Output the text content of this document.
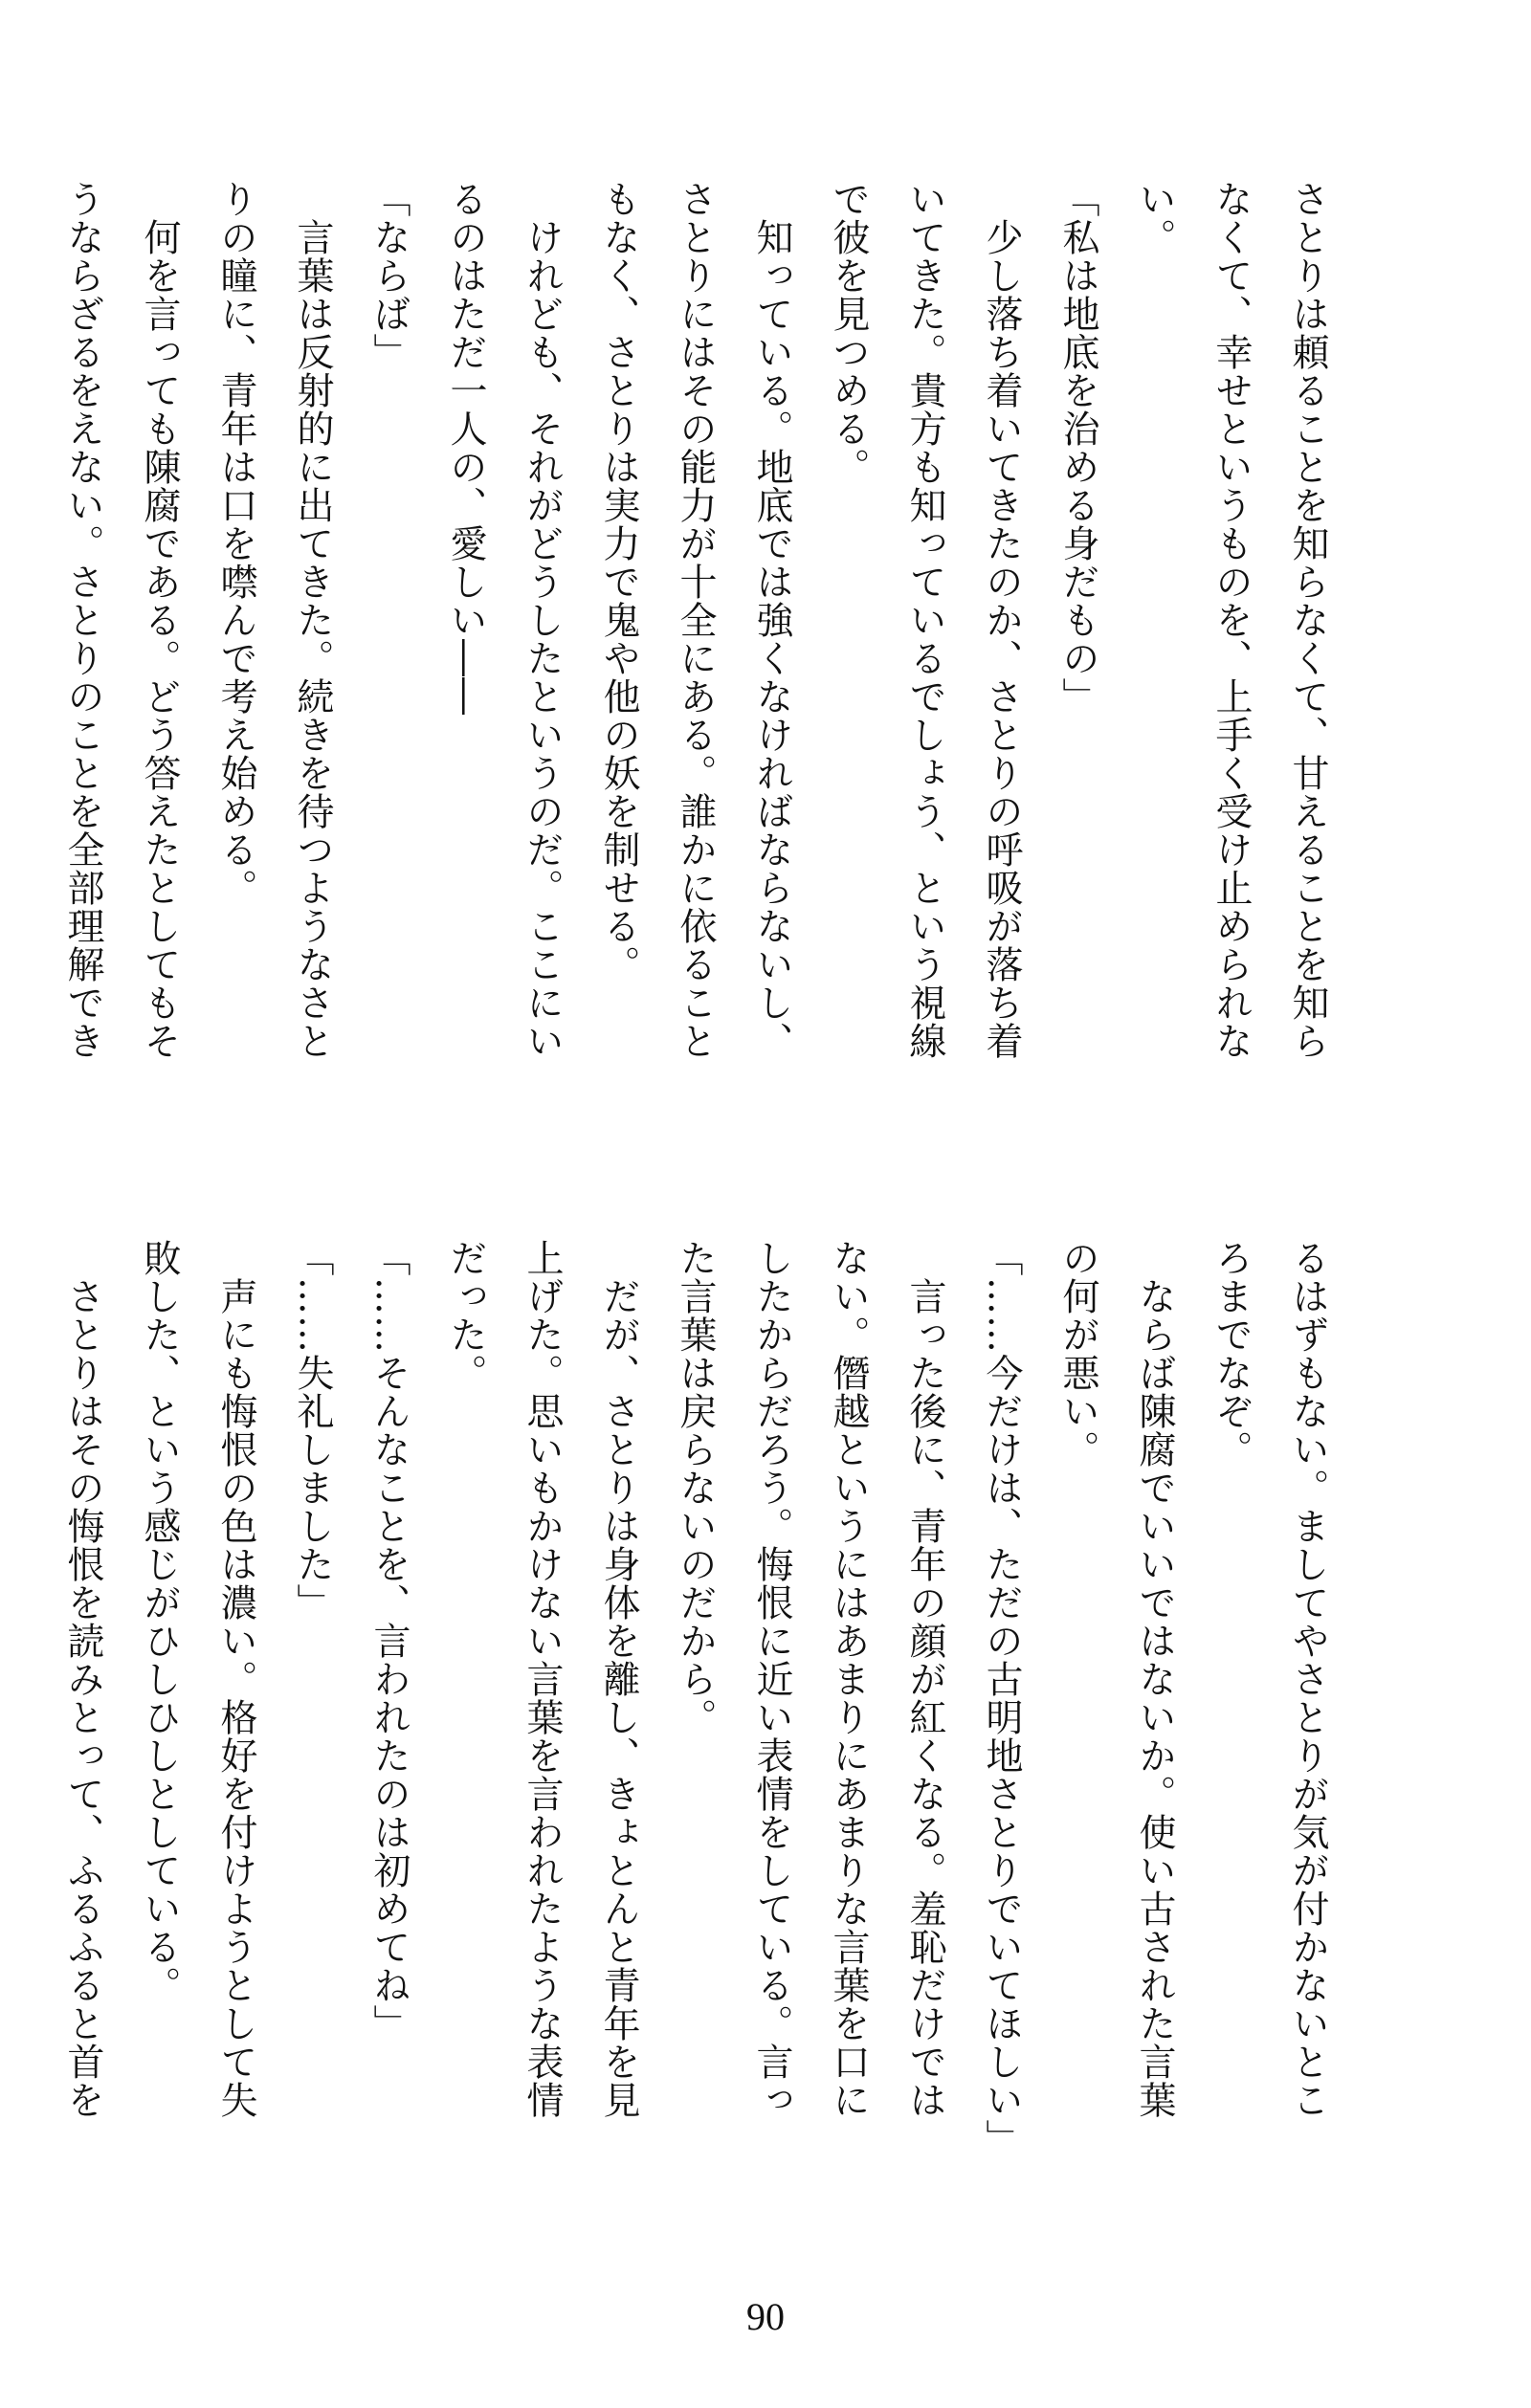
さとりは頼ることを知らなくて、甘えることを知ら
なくて、幸せというものを、上手く受け止められな
い。
「私は地底を治める身だもの」
　少し落ち着いてきたのか、さとりの呼吸が落ち着
いてきた。貴方も知っているでしょう、という視線
で彼を見つめる。
　知っている。地底では強くなければならないし、
さとりにはその能力が十全にある。誰かに依ること
もなく、さとりは実力で鬼や他の妖を制せる。
　けれども、それがどうしたというのだ。ここにい
るのはただ一人の、愛しい――
「ならば」
　言葉は反射的に出てきた。続きを待つようなさと
りの瞳に、青年は口を噤んで考え始める。
　何を言っても陳腐である。どう答えたとしてもそ
うならざるをえない。さとりのことを全部理解でき
るはずもない。ましてやさとりが気が付かないとこ
ろまでなぞ。
　ならば陳腐でいいではないか。使い古された言葉
の何が悪い。
「……今だけは、ただの古明地さとりでいてほしい」
　言った後に、青年の顔が紅くなる。羞恥だけでは
ない。僭越というにはあまりにあまりな言葉を口に
したからだろう。悔恨に近い表情をしている。言っ
た言葉は戻らないのだから。
　だが、さとりは身体を離し、きょとんと青年を見
上げた。思いもかけない言葉を言われたような表情
だった。
「……そんなことを、言われたのは初めてね」
「……失礼しました」
　声にも悔恨の色は濃い。格好を付けようとして失
敗した、という感じがひしひしとしている。
　さとりはその悔恨を読みとって、ふるふると首を
90
